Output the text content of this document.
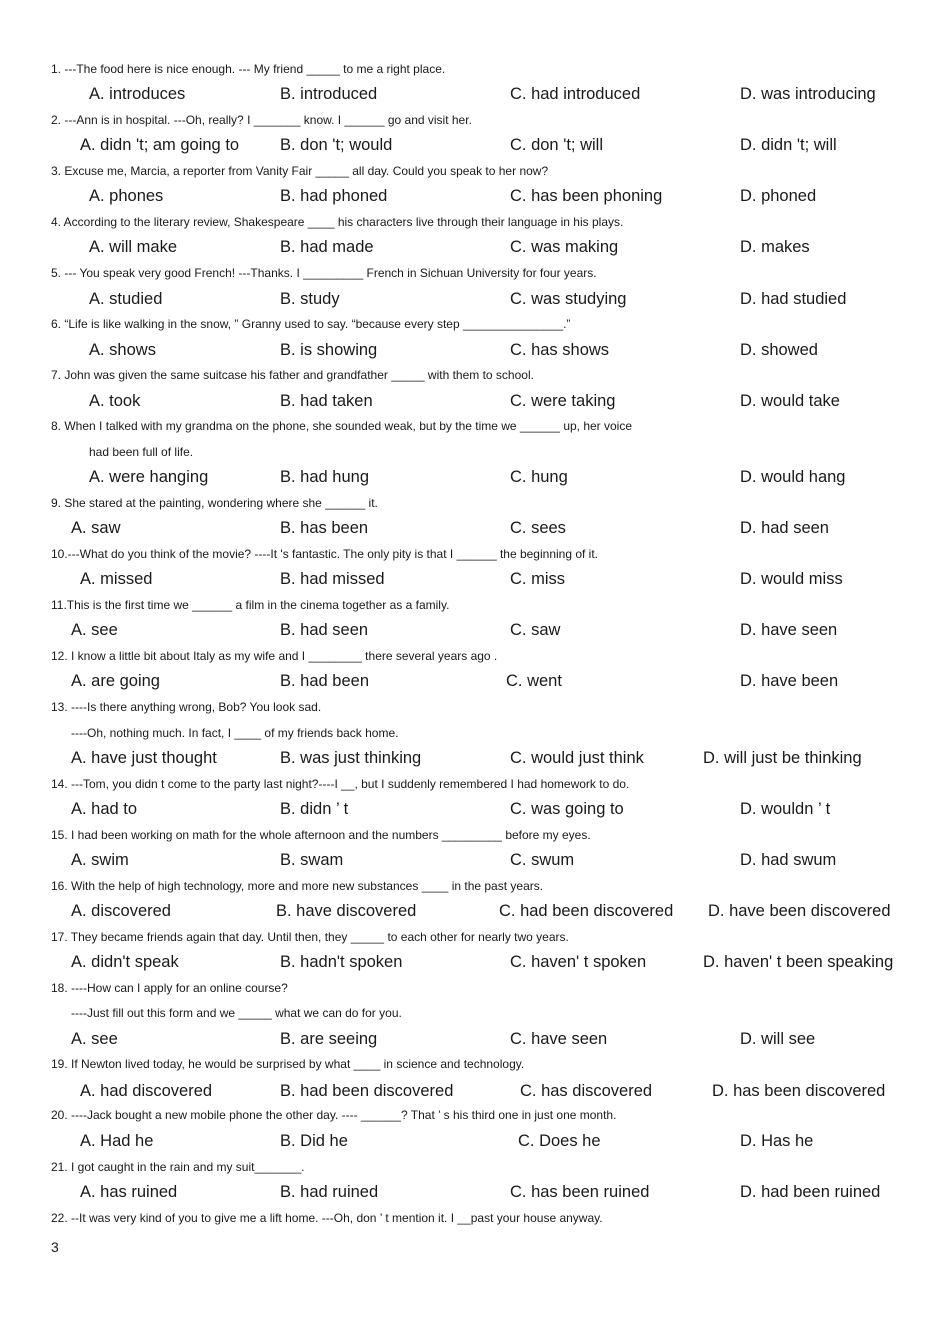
1. ---The food here is nice enough. --- My friend _____ to me a right place.
A. introduces	B. introduced	C. had introduced	D. was introducing
2. ---Ann is in hospital. ---Oh, really? I _______ know. I ______ go and visit her.
A. didn 't; am going to B. don 't; would	C. don 't; will	D. didn 't; will
3. Excuse me, Marcia, a reporter from Vanity Fair _____ all day. Could you speak to her now?
A. phones	B. had phoned	C. has been phoning	D. phoned
4. According to the literary review, Shakespeare ____ his characters live through their language in his plays.
A. will make	B. had made	C. was making	D. makes
5. --- You speak very good French! ---Thanks. I _________ French in Sichuan University for four years.
A. studied	B. study	C. was studying	D. had studied
6. “Life is like walking in the snow, ” Granny used to say. “because every step _______________.”
A. shows	B. is showing	C. has shows	D. showed
7. John was given the same suitcase his father and grandfather _____ with them to school.
A. took	B. had taken	C. were taking	D. would take
8. When I talked with my grandma on the phone, she sounded weak, but by the time we ______ up, her voice
had been full of life.
A. were hanging	B. had hung	C. hung	D. would hang
9. She stared at the painting, wondering where she ______ it.
A. saw	B. has been	C. sees	D. had seen
10.---What do you think of the movie? ----It 's fantastic. The only pity is that I ______ the beginning of it.
A. missed	B. had missed	C. miss	D. would miss
11.This is the first time we ______ a film in the cinema together as a family.
A. see	B. had seen	C. saw	D. have seen
12. I know a little bit about Italy as my wife and I ________ there several years ago .
A. are going	B. had been	C. went	D. have been
13. ----Is there anything wrong, Bob? You look sad.
----Oh, nothing much. In fact, I ____ of my friends back home.
A. have just thought	B. was just thinking	C. would just think	D. will just be thinking
14. ---Tom, you didn t come to the party last night?----I __, but I suddenly remembered I had homework to do.
A. had to	B. didn ’ t	C. was going to	D. wouldn ’ t
15. I had been working on math for the whole afternoon and the numbers _________ before my eyes.
A. swim	B. swam	C. swum	D. had swum
16. With the help of high technology, more and more new substances ____ in the past years.
A. discovered	B. have discovered	C. had been discovered D. have been discovered
17. They became friends again that day. Until then, they _____ to each other for nearly two years.
A. didn't speak	B. hadn't spoken	C. haven' t spoken	D. haven' t been speaking
18. ----How can I apply for an online course?
----Just fill out this form and we _____ what we can do for you.
A. see	B. are seeing	C. have seen	D. will see
19. If Newton lived today, he would be surprised by what ____ in science and technology.
A. had discovered	B. had been discovered	C. has discovered	D. has been discovered
20. ----Jack bought a new mobile phone the other day. ---- ______? That ’ s his third one in just one month.
A. Had he	B. Did he	C. Does he	D. Has he
21. I got caught in the rain and my suit_______.
A. has ruined	B. had ruined	C. has been ruined	D. had been ruined
22. --It was very kind of you to give me a lift home. ---Oh, don ’ t mention it. I __past your house anyway.
3
